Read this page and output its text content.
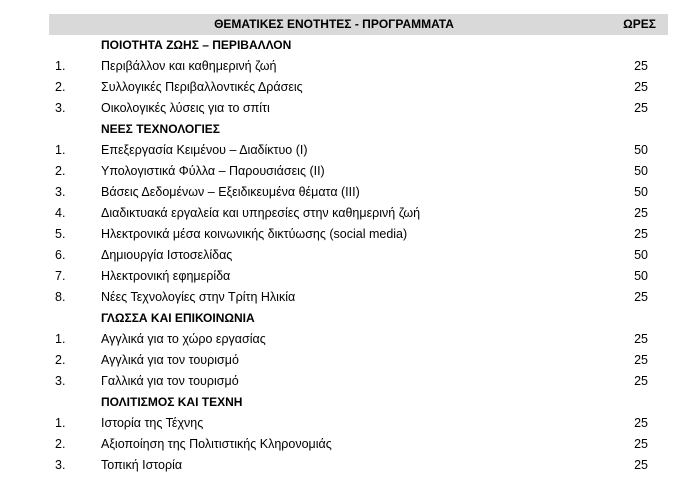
ΘΕΜΑΤΙΚΕΣ ΕΝΟΤΗΤΕΣ - ΠΡΟΓΡΑΜΜΑΤΑ	ΩΡΕΣ
ΠΟΙΟΤΗΤΑ ΖΩΗΣ – ΠΕΡΙΒΑΛΛΟΝ
1.	Περιβάλλον και καθημερινή ζωή	25
2.	Συλλογικές Περιβαλλοντικές Δράσεις	25
3.	Οικολογικές λύσεις για το σπίτι	25
ΝΕΕΣ ΤΕΧΝΟΛΟΓΙΕΣ
1.	Επεξεργασία Κειμένου – Διαδίκτυο (Ι)	50
2.	Υπολογιστικά Φύλλα – Παρουσιάσεις (ΙΙ)	50
3.	Βάσεις Δεδομένων – Εξειδικευμένα θέματα (ΙΙΙ)	50
4.	Διαδικτυακά εργαλεία και υπηρεσίες στην καθημερινή ζωή	25
5.	Ηλεκτρονικά μέσα κοινωνικής δικτύωσης (social media)	25
6.	Δημιουργία Ιστοσελίδας	50
7.	Ηλεκτρονική εφημερίδα	50
8.	Νέες Τεχνολογίες στην Τρίτη Ηλικία	25
ΓΛΩΣΣΑ ΚΑΙ ΕΠΙΚΟΙΝΩΝΙΑ
1.	Αγγλικά για το χώρο εργασίας	25
2.	Αγγλικά για τον τουρισμό	25
3.	Γαλλικά για τον τουρισμό	25
ΠΟΛΙΤΙΣΜΟΣ ΚΑΙ ΤΕΧΝΗ
1.	Ιστορία της Τέχνης	25
2.	Αξιοποίηση της Πολιτιστικής Κληρονομιάς	25
3.	Τοπική Ιστορία	25
